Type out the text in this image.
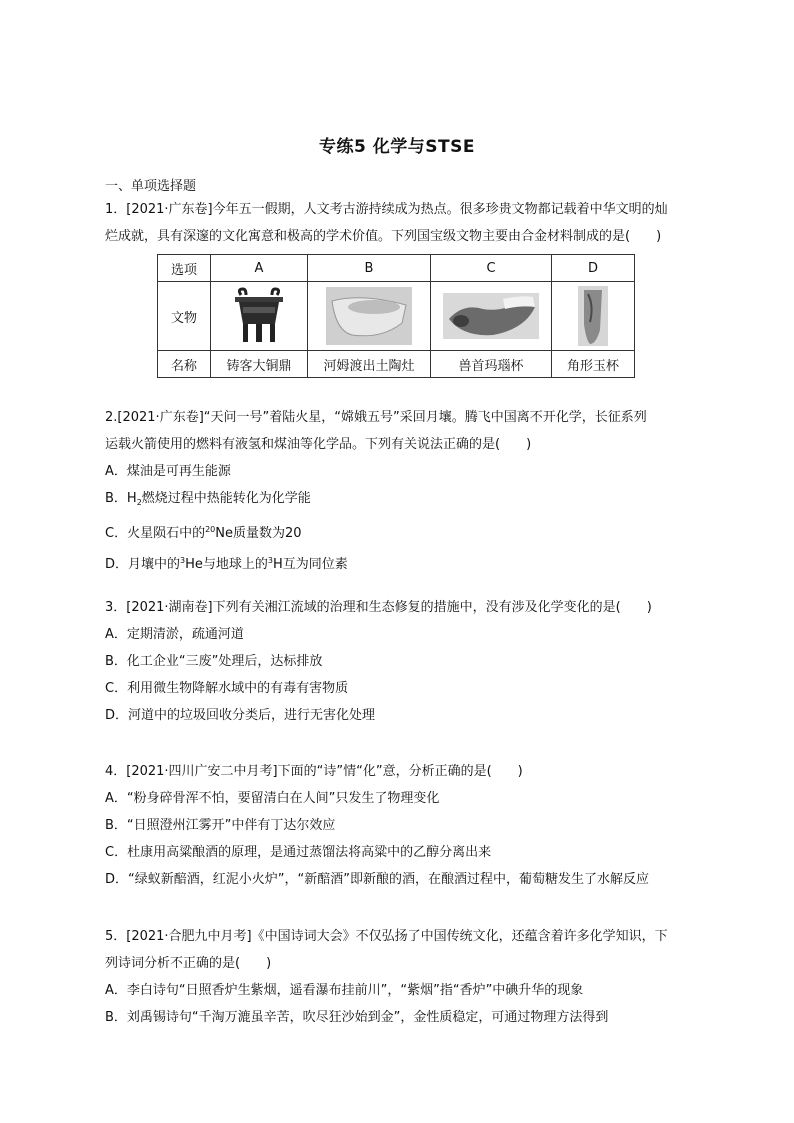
专练5 化学与STSE
一、单项选择题
1．[2021·广东卷]今年五一假期，人文考古游持续成为热点。很多珍贵文物都记载着中华文明的灿
烂成就，具有深邃的文化寓意和极高的学术价值。下列国宝级文物主要由合金材料制成的是(　　)
选项	A	B	C	D
文物				
名称	铸客大铜鼎	河姆渡出土陶灶	兽首玛瑙杯	角形玉杯
2.[2021·广东卷]“天问一号”着陆火星，“嫦娥五号”采回月壤。腾飞中国离不开化学，长征系列
运载火箭使用的燃料有液氢和煤油等化学品。下列有关说法正确的是(　　)
A．煤油是可再生能源
B．$H_2$燃烧过程中热能转化为化学能
C．火星陨石中的$^{20}$Ne质量数为20
D．月壤中的$^3$He与地球上的$^3$H互为同位素
3．[2021·湖南卷]下列有关湘江流域的治理和生态修复的措施中，没有涉及化学变化的是(　　)
A．定期清淤，疏通河道
B．化工企业“三废”处理后，达标排放
C．利用微生物降解水域中的有毒有害物质
D．河道中的垃圾回收分类后，进行无害化处理
4．[2021·四川广安二中月考]下面的“诗”情“化”意，分析正确的是(　　)
A．“粉身碎骨浑不怕，要留清白在人间”只发生了物理变化
B．“日照澄州江雾开”中伴有丁达尔效应
C．杜康用高粱酿酒的原理，是通过蒸馏法将高粱中的乙醇分离出来
D．“绿蚁新醅酒，红泥小火炉”，“新醅酒”即新酿的酒，在酿酒过程中，葡萄糖发生了水解反应
5．[2021·合肥九中月考]《中国诗词大会》不仅弘扬了中国传统文化，还蕴含着许多化学知识，下
列诗词分析不正确的是(　　)
A．李白诗句“日照香炉生紫烟，遥看瀑布挂前川”，“紫烟”指“香炉”中碘升华的现象
B．刘禹锡诗句“千淘万漉虽辛苦，吹尽狂沙始到金”，金性质稳定，可通过物理方法得到
